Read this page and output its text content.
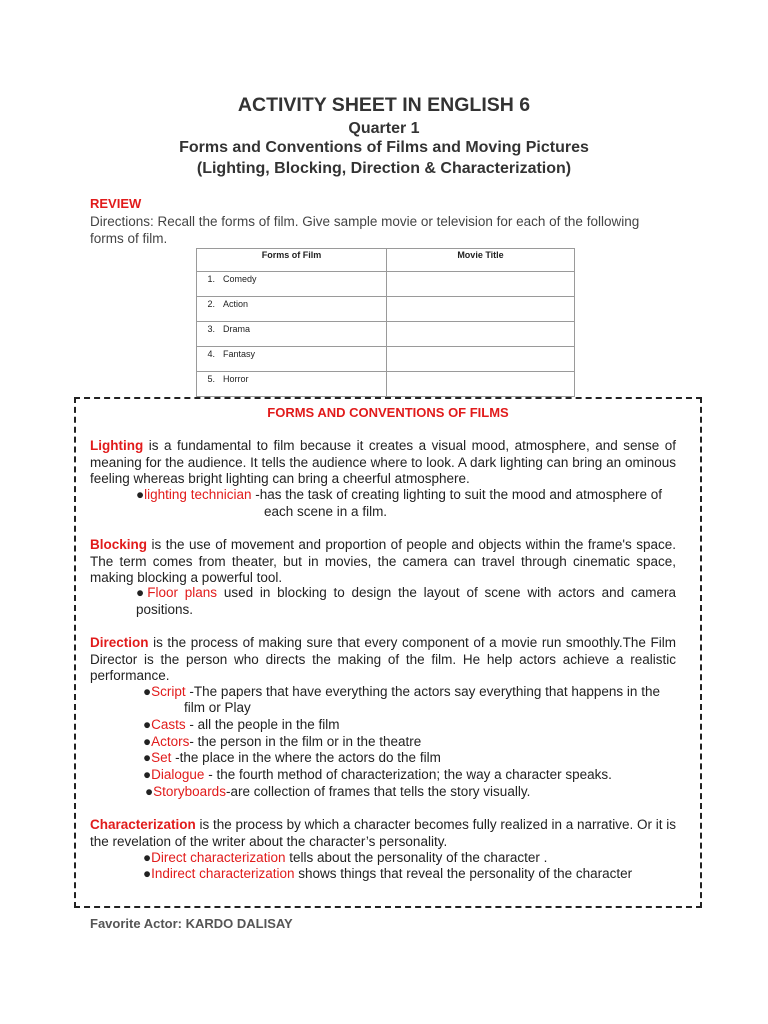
ACTIVITY SHEET IN ENGLISH 6
Quarter 1
Forms and Conventions of Films and Moving Pictures
(Lighting, Blocking, Direction & Characterization)
REVIEW
Directions: Recall the forms of film. Give sample movie or television for each of the following forms of film.
Forms of Film	Movie Title
1. Comedy	
2. Action	
3. Drama	
4. Fantasy	
5. Horror	
FORMS AND CONVENTIONS OF FILMS
Lighting is a fundamental to film because it creates a visual mood, atmosphere, and sense of meaning for the audience. It tells the audience where to look. A dark lighting can bring an ominous feeling whereas bright lighting can bring a cheerful atmosphere.
●lighting technician -has the task of creating lighting to suit the mood and atmosphere of
each scene in a film.
Blocking is the use of movement and proportion of people and objects within the frame's space. The term comes from theater, but in movies, the camera can travel through cinematic space, making blocking a powerful tool.
●Floor plans used in blocking to design the layout of scene with actors and camera positions.
Direction is the process of making sure that every component of a movie run smoothly.The Film Director is the person who directs the making of the film. He help actors achieve a realistic performance.
●Script -The papers that have everything the actors say everything that happens in the
film or Play
●Casts - all the people in the film
●Actors- the person in the film or in the theatre
●Set -the place in the where the actors do the film
●Dialogue - the fourth method of characterization; the way a character speaks.
●Storyboards-are collection of frames that tells the story visually.
Characterization is the process by which a character becomes fully realized in a narrative. Or it is the revelation of the writer about the character’s personality.
●Direct characterization tells about the personality of the character .
●Indirect characterization shows things that reveal the personality of the character
Favorite Actor: KARDO DALISAY
